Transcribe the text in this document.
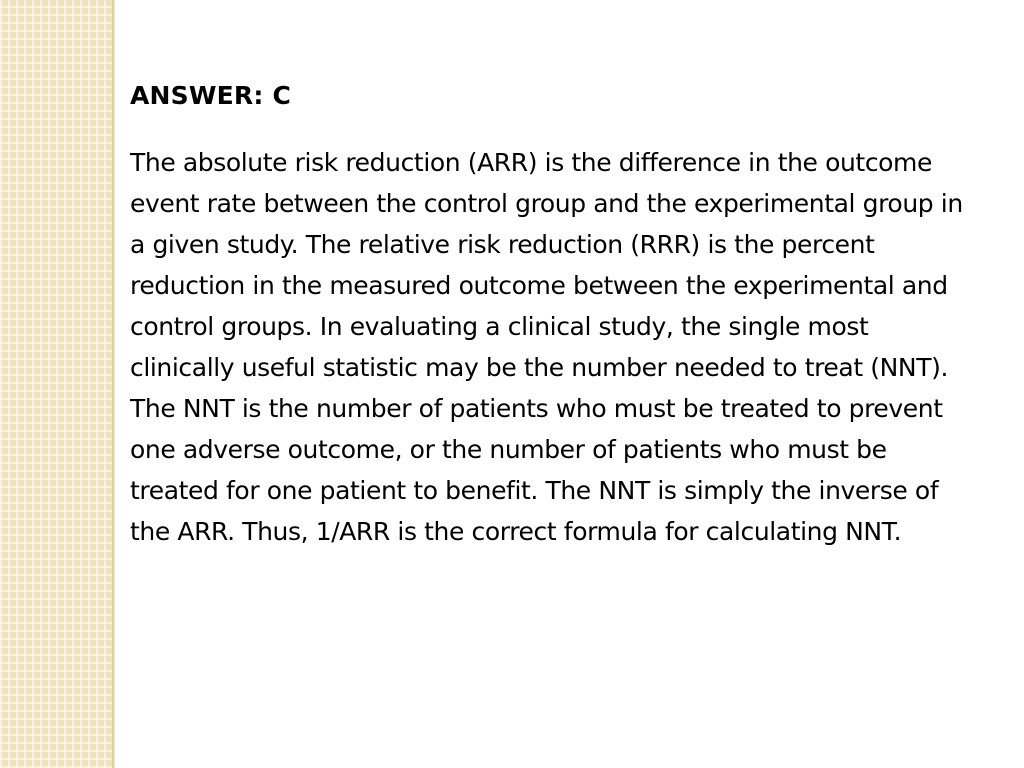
ANSWER: C

The absolute risk reduction (ARR) is the difference in the outcome event rate between the control group and the experimental group in a given study. The relative risk reduction (RRR) is the percent reduction in the measured outcome between the experimental and control groups. In evaluating a clinical study, the single most clinically useful statistic may be the number needed to treat (NNT). The NNT is the number of patients who must be treated to prevent one adverse outcome, or the number of patients who must be treated for one patient to benefit. The NNT is simply the inverse of the ARR. Thus, 1/ARR is the correct formula for calculating NNT.
